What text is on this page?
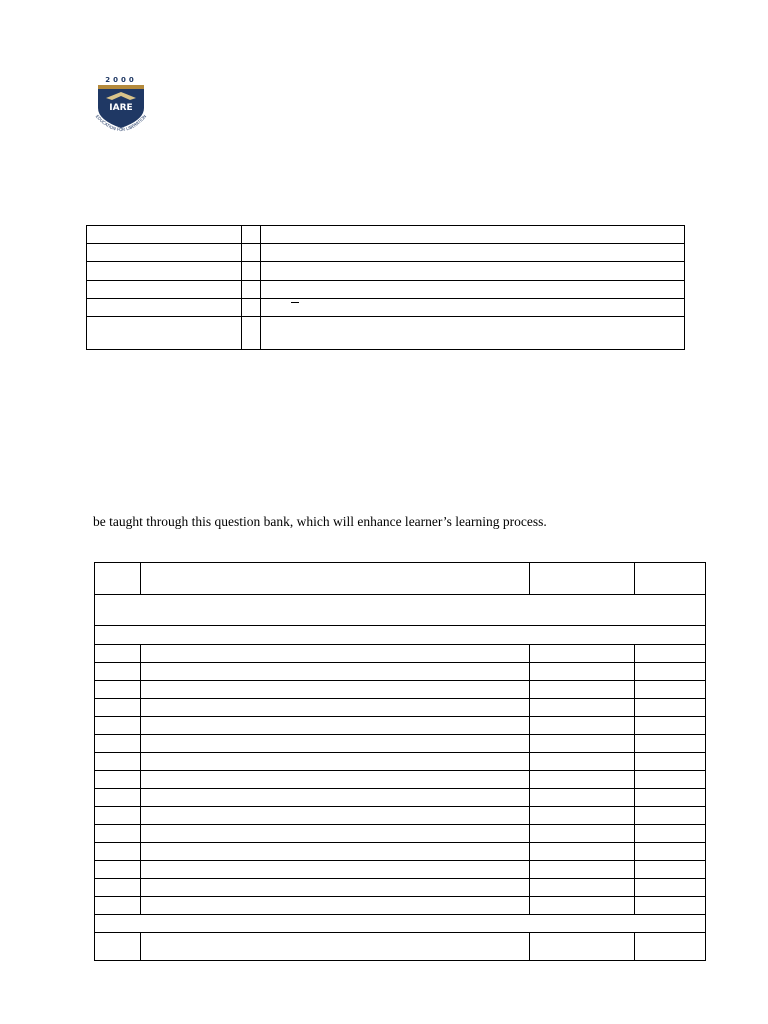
2000
IARE
EDUCATION FOR LIBERATION

be taught through this question bank, which will enhance learner’s learning process.
